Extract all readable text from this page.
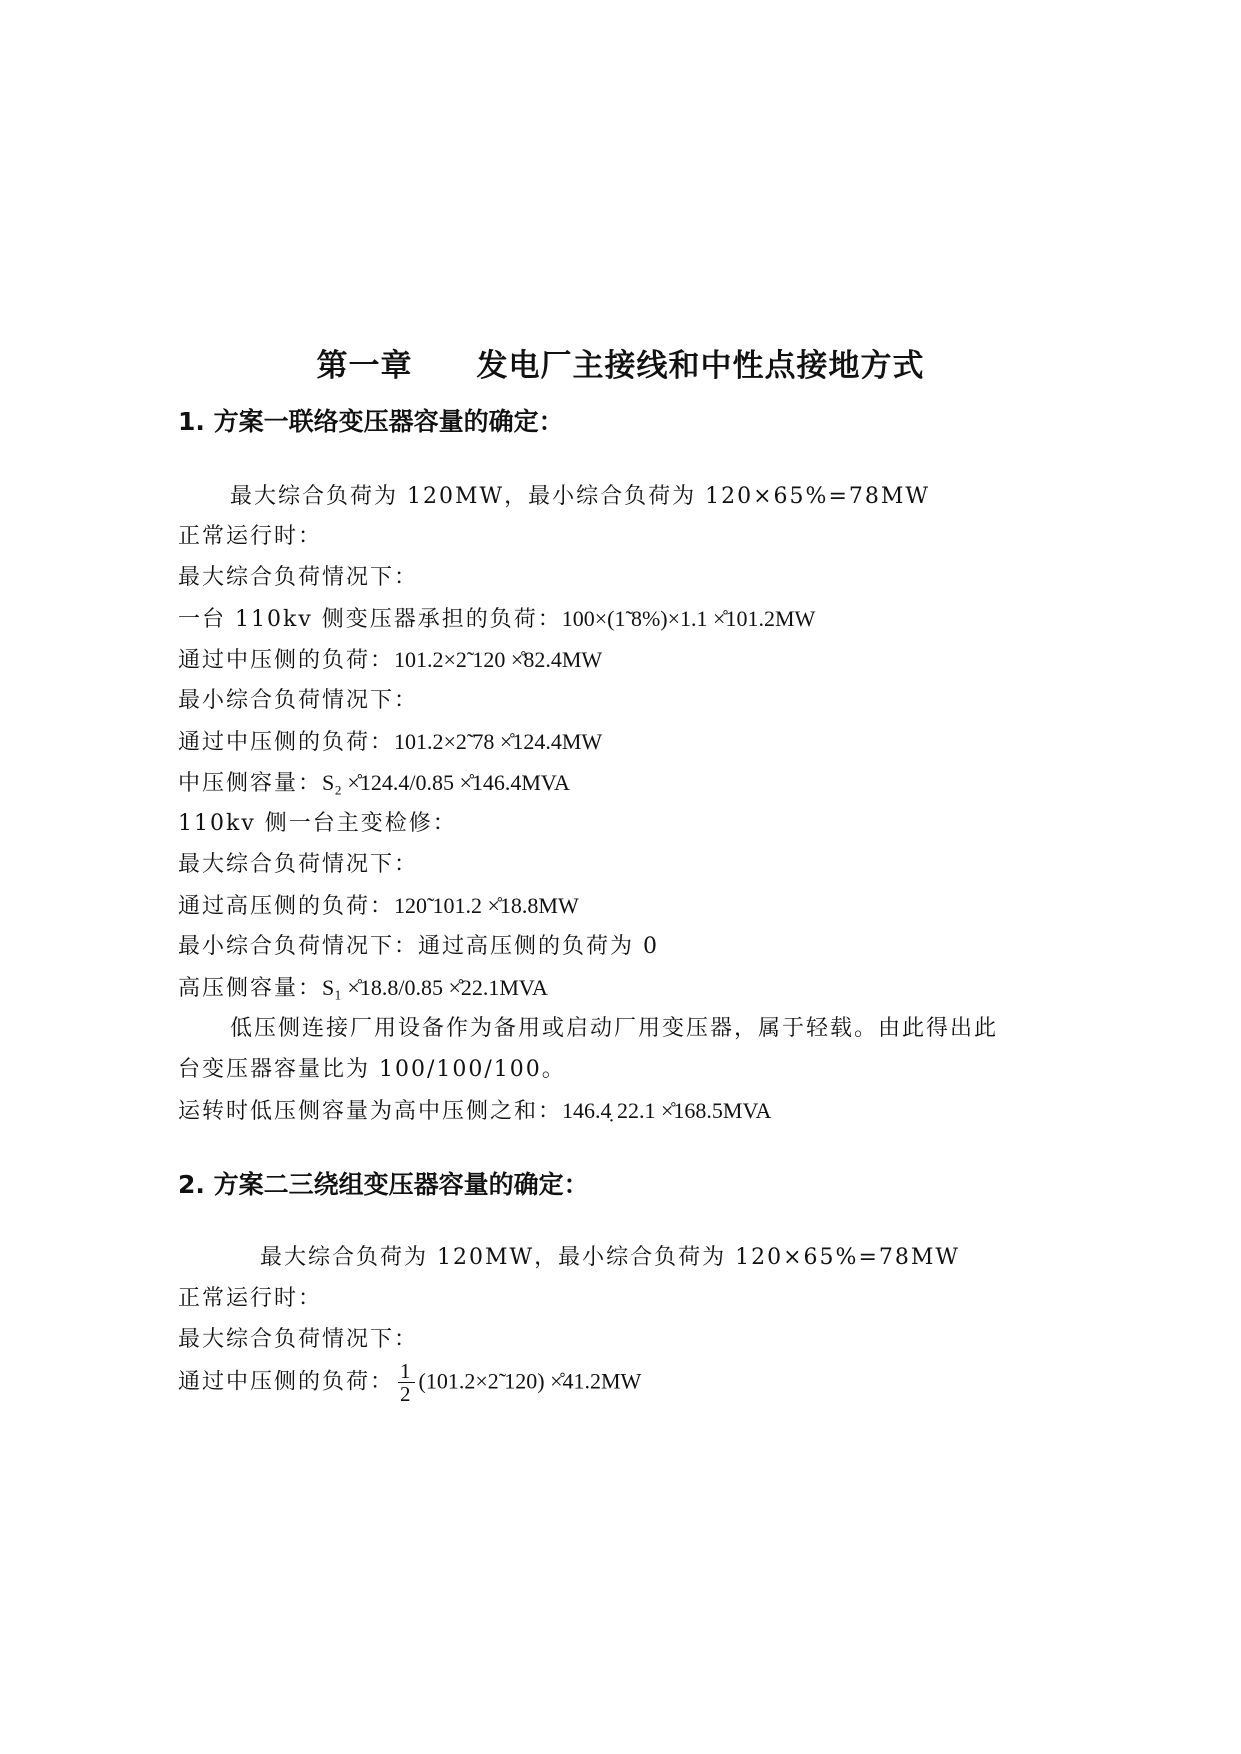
第一章　　发电厂主接线和中性点接地方式
1. 方案一联络变压器容量的确定：
最大综合负荷为 120MW，最小综合负荷为 120×65%=78MW
正常运行时：
最大综合负荷情况下：
一台 110kv 侧变压器承担的负荷：100×(1̃ 8%)×1.1 ×̊101.2MW
通过中压侧的负荷：101.2×2̃ 120 ×̊82.4MW
最小综合负荷情况下：
通过中压侧的负荷：101.2×2̃ 78 ×̊124.4MW
中压侧容量：S₂ ×̊124.4/0.85 ×̊146.4MVA
110kv 侧一台主变检修：
最大综合负荷情况下：
通过高压侧的负荷：120̃ 101.2 ×̊18.8MW
最小综合负荷情况下：通过高压侧的负荷为 0
高压侧容量：S₁ ×̊18.8/0.85 ×̊22.1MVA
低压侧连接厂用设备作为备用或启动厂用变压器，属于轻载。由此得出此
台变压器容量比为 100/100/100。
运转时低压侧容量为高中压侧之和：146.4̣ 22.1 ×̊168.5MVA
2. 方案二三绕组变压器容量的确定：
最大综合负荷为 120MW，最小综合负荷为 120×65%=78MW
正常运行时：
最大综合负荷情况下：
通过中压侧的负荷： $\frac{1}{2}$ (101.2×2̃ 120) ×̊41.2MW
